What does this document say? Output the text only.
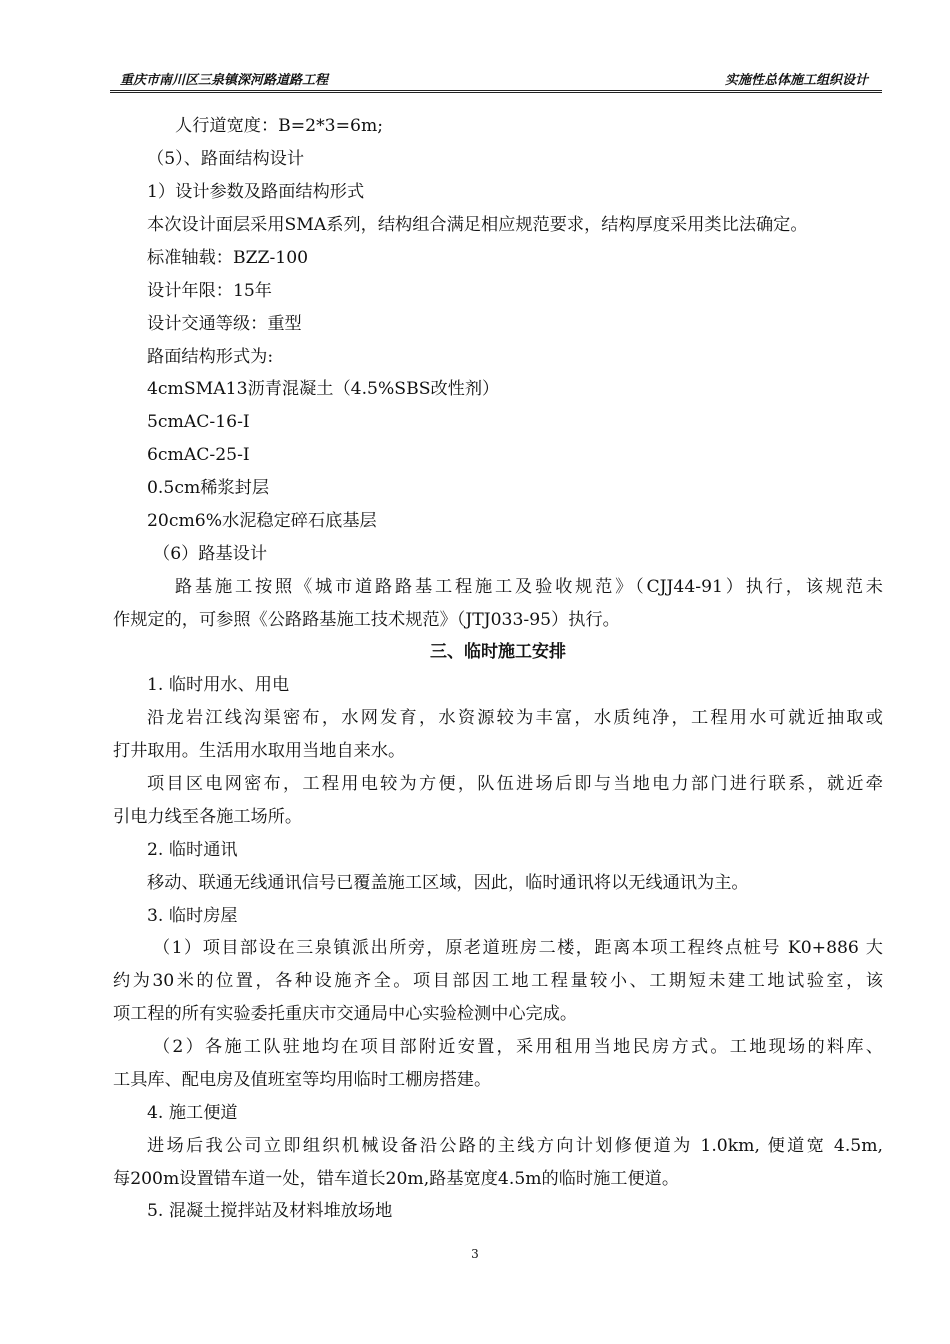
重庆市南川区三泉镇深河路道路工程	实施性总体施工组织设计
人行道宽度：B=2*3=6m;
（5）、路面结构设计
1）设计参数及路面结构形式
本次设计面层采用SMA系列，结构组合满足相应规范要求，结构厚度采用类比法确定。
标准轴载：BZZ-100
设计年限：15年
设计交通等级：重型
路面结构形式为:
4cmSMA13沥青混凝土（4.5%SBS改性剂）
5cmAC-16-I
6cmAC-25-I
0.5cm稀浆封层
20cm6%水泥稳定碎石底基层
（6）路基设计
路基施工按照《城市道路路基工程施工及验收规范》（CJJ44-91）执行，该规范未
作规定的，可参照《公路路基施工技术规范》（JTJ033-95）执行。
三、临时施工安排
1. 临时用水、用电
沿龙岩江线沟渠密布，水网发育，水资源较为丰富，水质纯净，工程用水可就近抽取或
打井取用。生活用水取用当地自来水。
项目区电网密布，工程用电较为方便，队伍进场后即与当地电力部门进行联系，就近牵
引电力线至各施工场所。
2. 临时通讯
移动、联通无线通讯信号已覆盖施工区域，因此，临时通讯将以无线通讯为主。
3. 临时房屋
（1）项目部设在三泉镇派出所旁，原老道班房二楼，距离本项工程终点桩号 K0+886 大
约为30米的位置，各种设施齐全。项目部因工地工程量较小、工期短未建工地试验室，该
项工程的所有实验委托重庆市交通局中心实验检测中心完成。
（2）各施工队驻地均在项目部附近安置，采用租用当地民房方式。工地现场的料库、
工具库、配电房及值班室等均用临时工棚房搭建。
4. 施工便道
进场后我公司立即组织机械设备沿公路的主线方向计划修便道为 1.0km, 便道宽 4.5m,
每200m设置错车道一处，错车道长20m,路基宽度4.5m的临时施工便道。
5. 混凝土搅拌站及材料堆放场地
3
